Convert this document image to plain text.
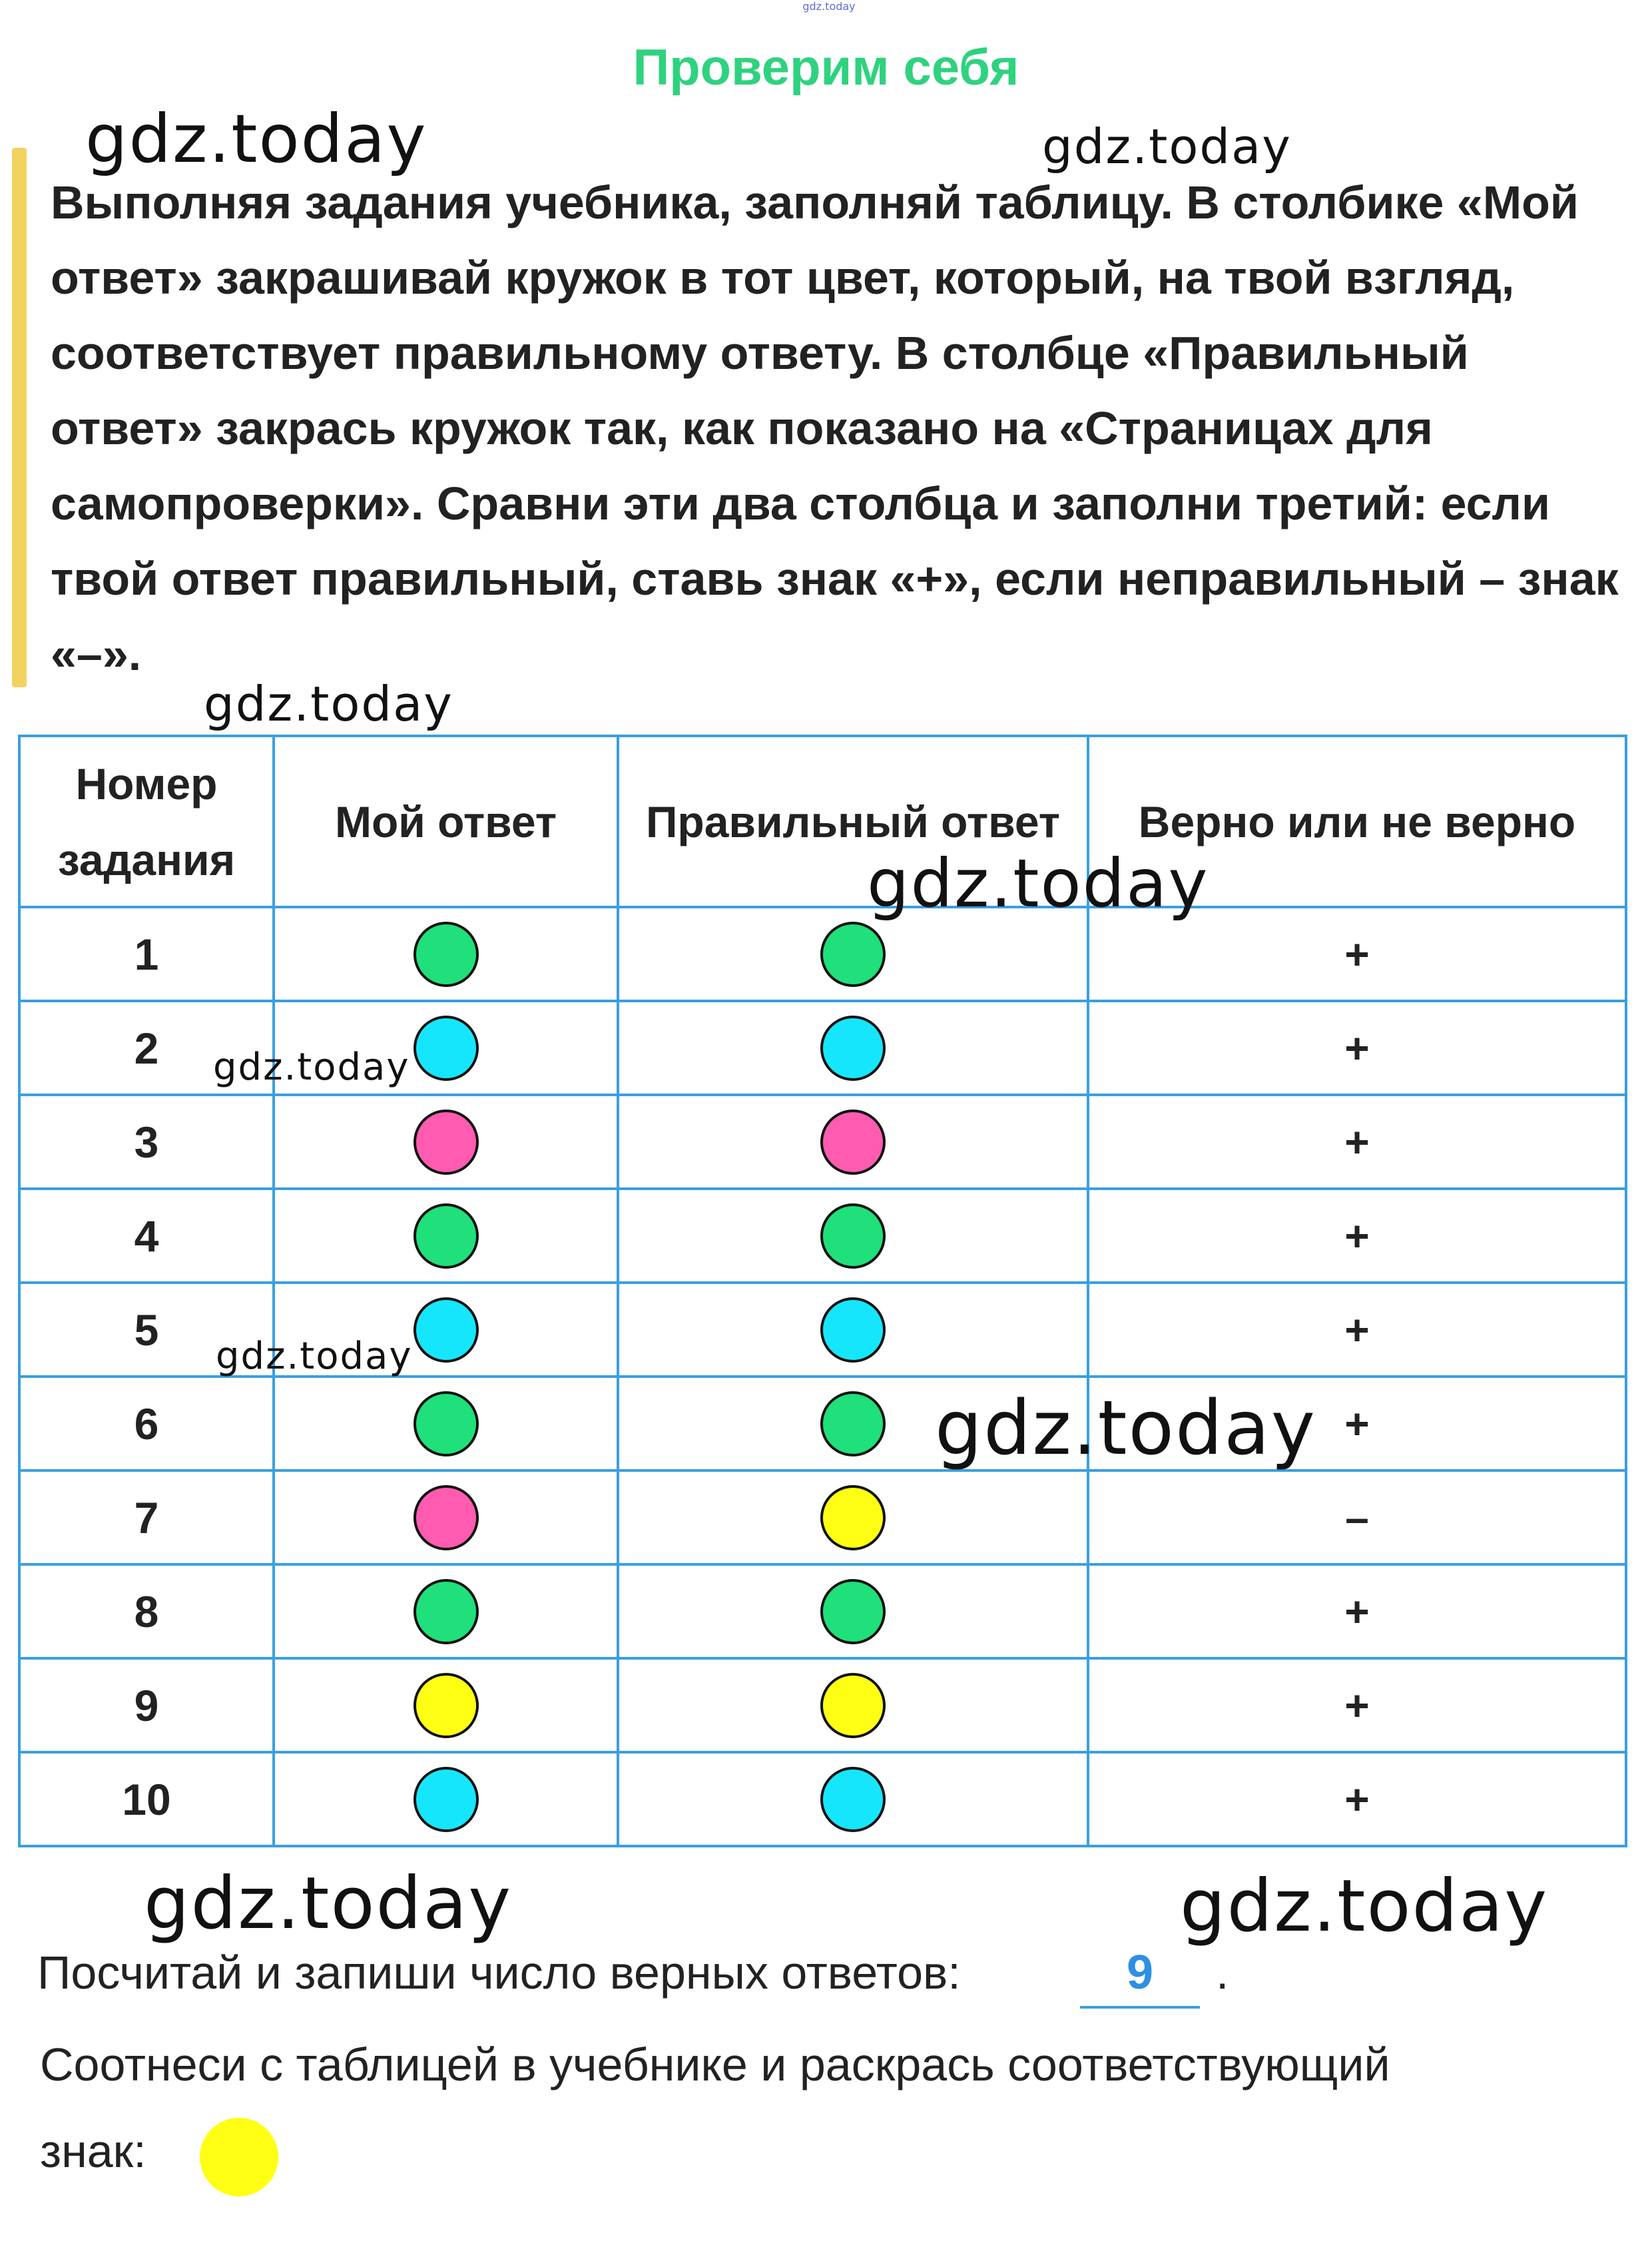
gdz.today
Проверим себя

Выполняя задания учебника, заполняй таблицу. В столбике «Мой

ответ» закрашивай кружок в тот цвет, который, на твой взгляд,

соответствует правильному ответу. В столбце «Правильный

ответ» закрась кружок так, как показано на «Страницах для

самопроверки». Сравни эти два столбца и заполни третий: если

твой ответ правильный, ставь знак «+», если неправильный – знак

«–».

Номер
задания	Мой ответ	Правильный ответ	Верно или не верно
1			+
2			+
3			+
4			+
5			+
6			+
7			–
8			+
9			+
10			+
Посчитай и запиши число верных ответов:	9	.
Соотнеси с таблицей в учебнике и раскрась соответствующий
знак:
gdz.today	gdz.today
gdz.today
gdz.today
gdz.today
gdz.today
gdz.today
gdz.today	gdz.today
